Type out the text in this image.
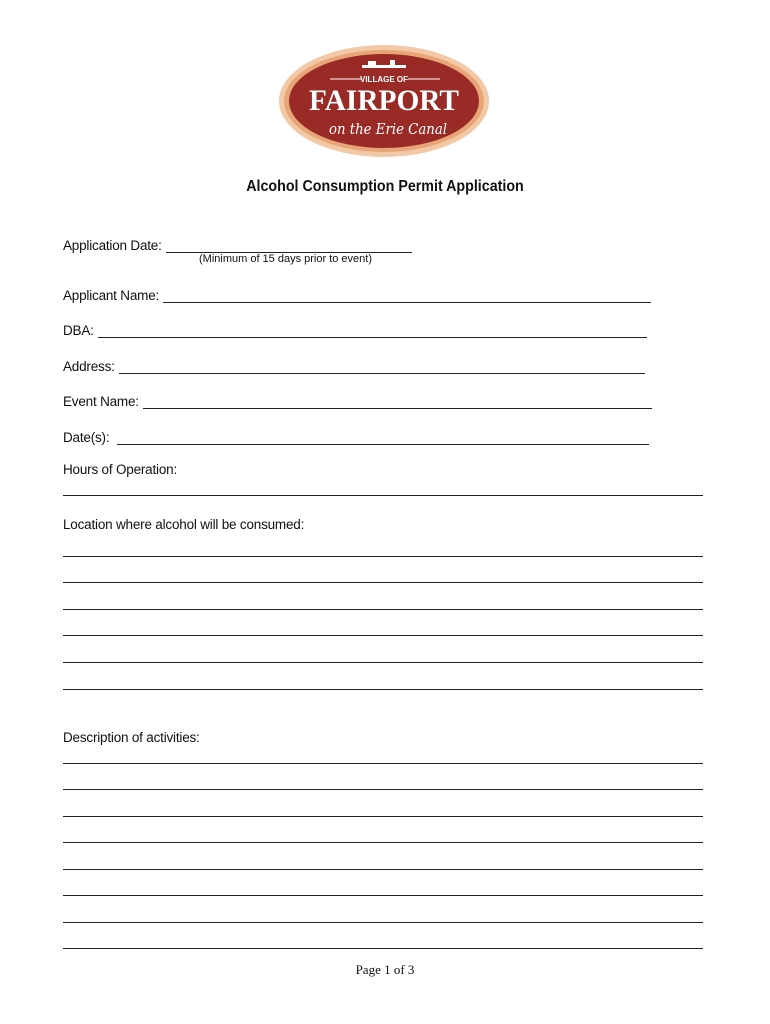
VILLAGE OF
FAIRPORT
on the Erie Canal
Alcohol Consumption Permit Application
Application Date:
(Minimum of 15 days prior to event)
Applicant Name:
DBA:
Address:
Event Name:
Date(s):
Hours of Operation:
Location where alcohol will be consumed:
Description of activities:
Page 1 of 3
